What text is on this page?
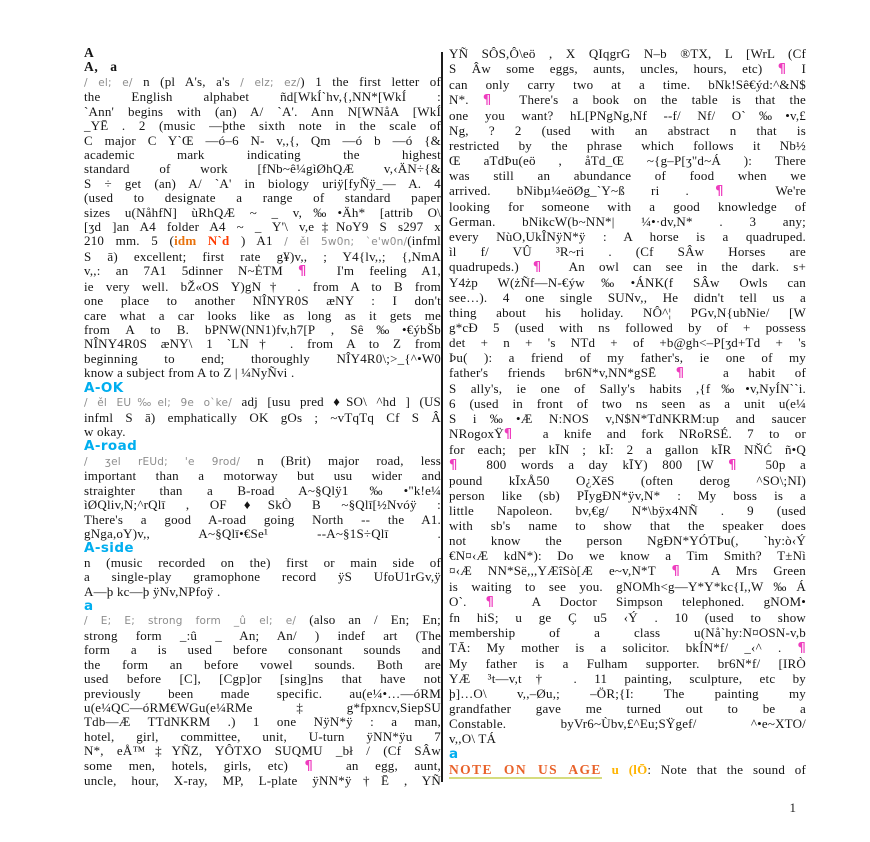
A
A,   a
/ el; e/ n (pl A's, a's / elz; ez/) 1 the first letter of
the English alphabet ñd[WkÍ`hv,{,NN*[WkÍ :
`Ann' begins with (an) A/ `A'. Ann N[WNåA [WkÍ
_YĒ . 2 (music —þthe sixth note in the scale of
C major C Y`Œ —ó–6 N- v,,{, Qm —ó b —ó {&
academic mark indicating the highest
standard of work [fNb~ê¼gìØhQÆ v,‹ÄN÷{&
S ÷ get (an) A/ `A' in biology uriÿ[fyÑÿ_— A. 4
(used to designate a range of standard paper
sizes u(NåhfN] ùRhQÆ ~ _ v,‰•Äh* [attrib O\
[ʒd ]an A4 folder A4 ~ _ Y'\ v,e‡NoY9 S s297 x
210 mm. 5 (idm N`d ) A1 / ěl 5w0n; `e'w0n/(infml
S ā) excellent; first rate g¥)v,, ; Y4{lv,,; {,NmA
v,,: an 7A1 5dinner N~ĖTM ¶  I'm feeling A1,
ie very well. bŽ«OS Y)gN† . from A to B from
one place to another NÎNYR0S æNY : I don't
care what a car looks like as long as it gets me
from A to B. bPNW(NN1)fv,h7[P , Sê‰•€ýbŠb
NÎNY4R0S æNY\ 1 `LN† . from A to Z from
beginning to end; thoroughly NÎY4R0\;>_{^•W0
know a subject from A to Z | ¼NyÑvi .
A-OK
/ ěl EU‰el; 9e o`ke/ adj [usu pred ♦SO\ ^hd ] (US
infml S ā) emphatically OK gOs ; ~vTqTq Cf S Â
w okay.
A-road
/ ʒel rEUd; 'e 9rod/ n (Brit) major road, less
important than a motorway but usu wider and
straighter than a B-road A~§Qlÿ1‰•"k!e¼
ìØQliv,N;^rQlī , OF♦SkÒ B ~§Qlī[½Nvóÿ :
There's a good A-road going North -- the A1.
gNga,oY)v,, A~§Qlī•€Se¹ --A~§1S÷Qlī .
A-side
n (music recorded on the) first or main side of
a single-play gramophone record ÿS UfoU1rGv,ÿ
A—þ kc—þ ÿNv,NPfoÿ .
a
/ E; E; strong form _û el; e/ (also an / En; En;
strong form _:û _ An; An/ ) indef art (The
form a is used before consonant sounds and
the form an before vowel sounds. Both are
used before [C], [Cgp]or [sing]ns that have not
previously been made specific. au(e¼•…—óRM
u(e¼QC—óRM€WGu(e¼RMe‡g*fpxncv,SiepSU
Tdb—Æ TTdNKRM .) 1 one NÿN*ÿ : a man,
hotel, girl, committee, unit, U-turn ÿNN*ÿu 7
N*, eÅ™‡YÑZ, YÔTXO SUQMU _bł / (Cf SÂw
some men, hotels, girls, etc) ¶  an egg, aunt,
uncle, hour, X-ray, MP, L-plate ÿNN*ÿ†Ē , YÑ
YÑ SÔS,Ô\eö , X QIqgrG N–b ®TX, L [WrL (Cf
S Âw some eggs, aunts, uncles, hours, etc) ¶ I
can only carry two at a time. bNk!Sê€ýd:^&N$
N*. ¶  There's a book on the table is that the
one you want? hL[PNgNg,Nf --f/ Nf/ O`‰•v,£
Ng, ? 2 (used with an abstract n that is
restricted by the phrase which follows it Nb½
Œ aTdÞu(eö , åTd_Œ ~{g–P[ʒ"d~Á ): There
was still an abundance of food when we
arrived. bNibµ¼eöØg_`Y~ß ri . ¶  We're
looking for someone with a good knowledge of
German. bNikcW(b~NN*| ¼•·dv,N* . 3 any;
every NùO,UkÎNÿN*ÿ : A horse is a quadruped.
ìl f/ VÛ ³R~ri . (Cf SÂw Horses are
quadrupeds.) ¶  An owl can see in the dark. s+
Y4żp W(żÑf—N-€ýw‰•ÁNK(f SÂw Owls can
see…). 4 one single SUNv,, He didn't tell us a
thing about his holiday. NÔ^¦ PGv,N{ubNie/ [W
g*cĐ 5 (used with ns followed by of + possess
det + n + 's NTd + of +b@gh<–P[ʒd+Td + 's
Þu( ): a friend of my father's, ie one of my
father's friends br6N*v,NN*gSĒ ¶  a habit of
S ally's, ie one of Sally's habits ,{f‰•v,NyÍN``i.
6 (used in front of two ns seen as a unit u(e¼
S i‰•Æ N:NOS v,N$N*TdNKRM:up and saucer
NRogoxŸ¶  a knife and fork NRoRSÉ. 7 to or
for each; per kĪN ; kĪ: 2 a gallon kĪR NŇĆ ñ•Q
¶  800 words a day kĪY) 800 [W ¶  50p a
pound kĪxÅ50 O¿XēS (often derog ^SO\;NI)
person like (sb) PĪygĐN*ÿv,N* : My boss is a
little Napoleon. bv,€g/ N*\bÿx4NÑ . 9 (used
with sb's name to show that the speaker does
not know the person NgĐN*YÓTÞu(, `hy:ò‹Ý
€N¤‹Æ kdN*): Do we know a Tim Smith? T±Nì
¤‹Æ NN*Së,,,YÆîSò[Æ e~v,N*T ¶  A Mrs Green
is waiting to see you. gNOMh<g—Y*Y*kc{I,,W‰Á
O`. ¶  A Doctor Simpson telephoned. gNOM•
fn hiS; u ge Ç u5 ‹Ý . 10 (used to show
membership of a class u(Nå`hy:N¤OSN-v,b
TĀ: My mother is a solicitor. bkÍN*f/ _‹^ . ¶
My father is a Fulham supporter. br6N*f/ [IRÒ
YÆ ³t—v,t† . 11 painting, sculpture, etc by
þ]…O\ v,,–Øu,; –ÖR;{I: The painting my
grandfather gave me turned out to be a
Constable. byVr6~Ùbv,£^Eu;SŸgef/ ^•e~XTO/
v,,O\ TÁ
a
NOTE ON US AGE u (lŌ: Note that the sound of
1
